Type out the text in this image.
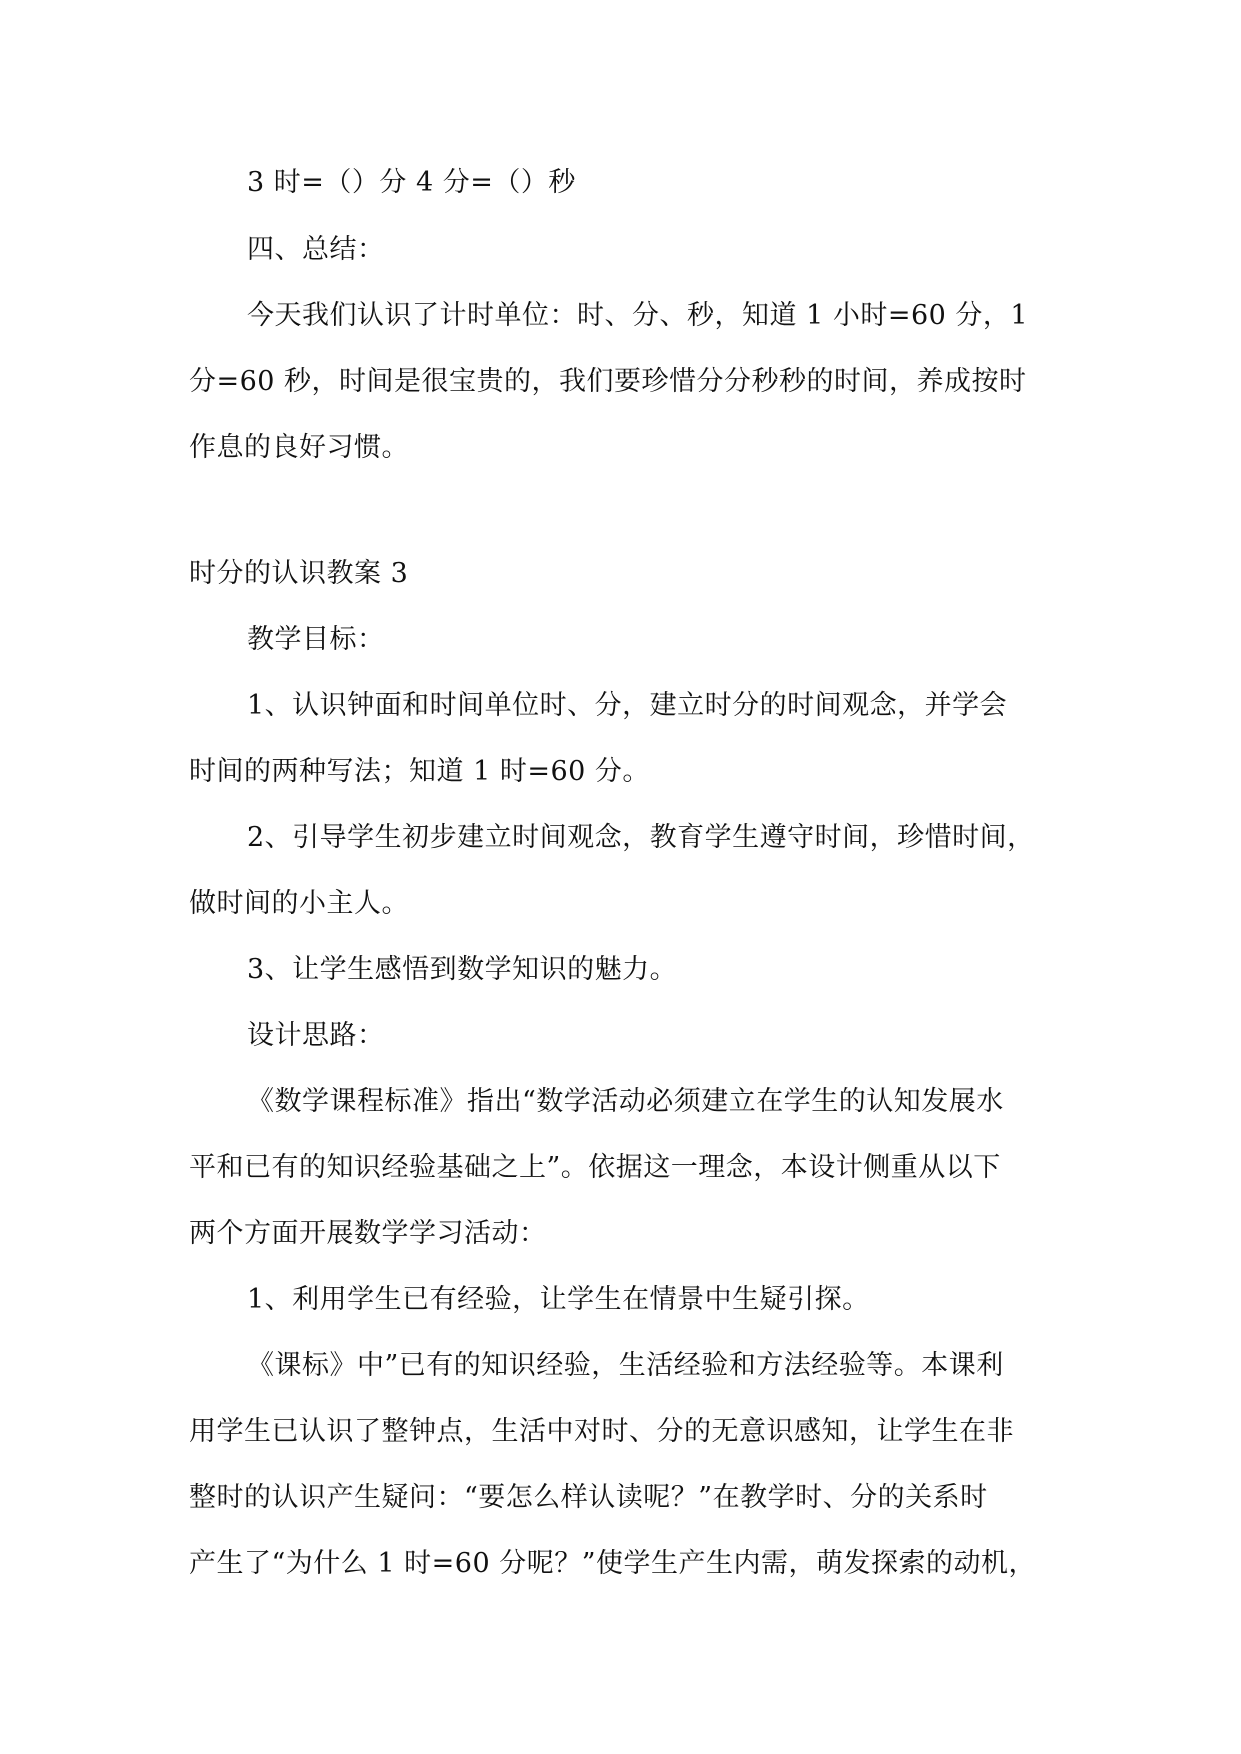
3 时=（）分 4 分=（）秒
四、总结：
今天我们认识了计时单位：时、分、秒，知道 1 小时=60 分，1
分=60 秒，时间是很宝贵的，我们要珍惜分分秒秒的时间，养成按时
作息的良好习惯。
时分的认识教案 3
教学目标：
1、认识钟面和时间单位时、分，建立时分的时间观念，并学会
时间的两种写法；知道 1 时=60 分。
2、引导学生初步建立时间观念，教育学生遵守时间，珍惜时间，
做时间的小主人。
3、让学生感悟到数学知识的魅力。
设计思路：
《数学课程标准》指出“数学活动必须建立在学生的认知发展水
平和已有的知识经验基础之上”。依据这一理念，本设计侧重从以下
两个方面开展数学学习活动：
1、利用学生已有经验，让学生在情景中生疑引探。
《课标》中”已有的知识经验，生活经验和方法经验等。本课利
用学生已认识了整钟点，生活中对时、分的无意识感知，让学生在非
整时的认识产生疑问：“要怎么样认读呢？”在教学时、分的关系时
产生了“为什么 1 时=60 分呢？”使学生产生内需，萌发探索的动机，
